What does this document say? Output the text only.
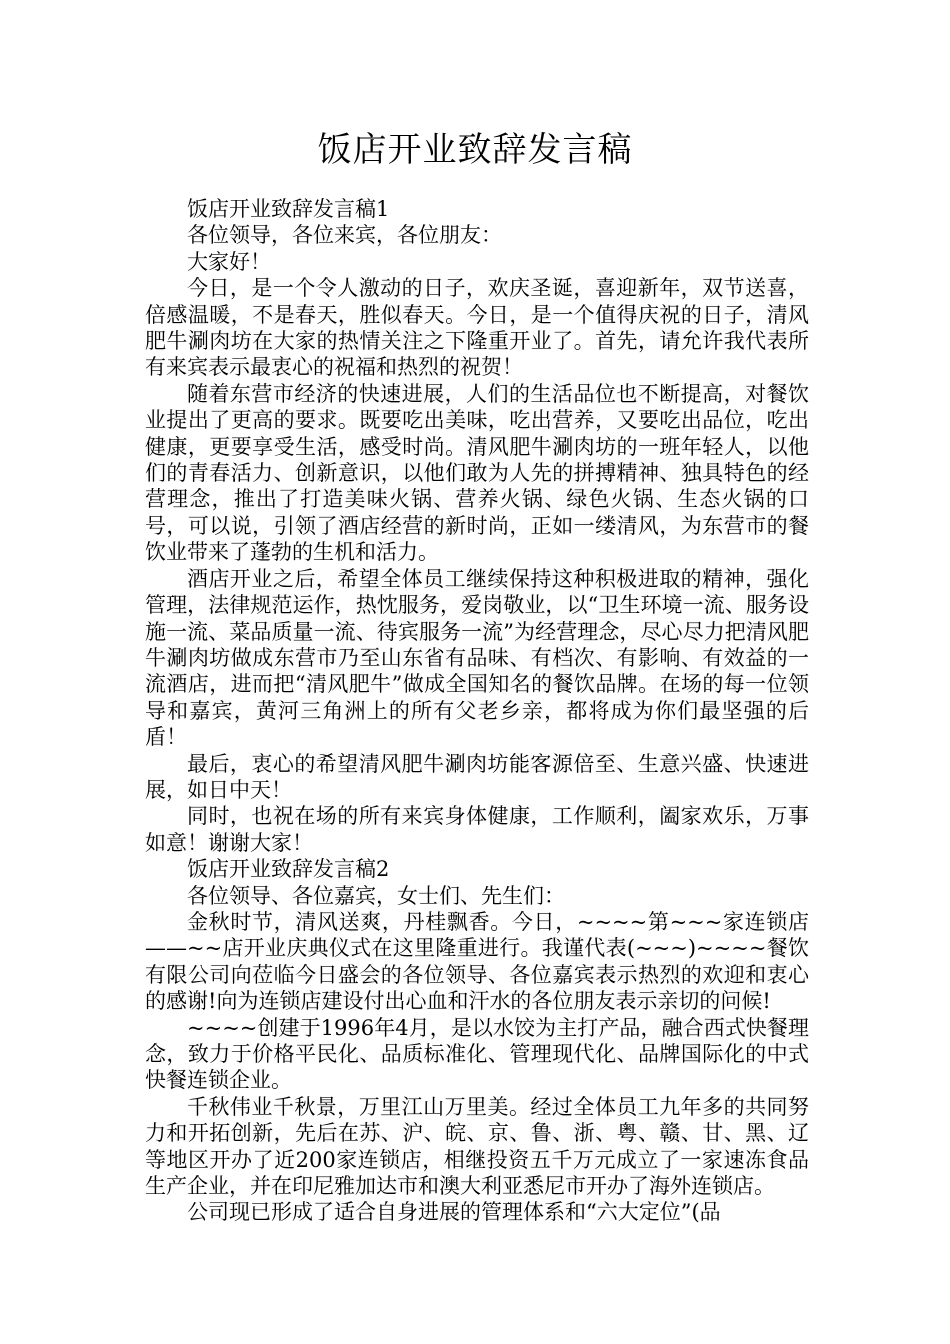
饭店开业致辞发言稿

饭店开业致辞发言稿1

各位领导，各位来宾，各位朋友：

大家好！

今日，是一个令人激动的日子，欢庆圣诞，喜迎新年，双节送喜，倍感温暖，不是春天，胜似春天。今日，是一个值得庆祝的日子，清风肥牛涮肉坊在大家的热情关注之下隆重开业了。首先，请允许我代表所有来宾表示最衷心的祝福和热烈的祝贺！

随着东营市经济的快速进展，人们的生活品位也不断提高，对餐饮业提出了更高的要求。既要吃出美味，吃出营养，又要吃出品位，吃出健康，更要享受生活，感受时尚。清风肥牛涮肉坊的一班年轻人，以他们的青春活力、创新意识，以他们敢为人先的拼搏精神、独具特色的经营理念，推出了打造美味火锅、营养火锅、绿色火锅、生态火锅的口号，可以说，引领了酒店经营的新时尚，正如一缕清风，为东营市的餐饮业带来了蓬勃的生机和活力。

酒店开业之后，希望全体员工继续保持这种积极进取的精神，强化管理，法律规范运作，热忱服务，爱岗敬业，以“卫生环境一流、服务设施一流、菜品质量一流、待宾服务一流”为经营理念，尽心尽力把清风肥牛涮肉坊做成东营市乃至山东省有品味、有档次、有影响、有效益的一流酒店，进而把“清风肥牛”做成全国知名的餐饮品牌。在场的每一位领导和嘉宾，黄河三角洲上的所有父老乡亲，都将成为你们最坚强的后盾！

最后，衷心的希望清风肥牛涮肉坊能客源倍至、生意兴盛、快速进展，如日中天！

同时，也祝在场的所有来宾身体健康，工作顺利，阖家欢乐，万事如意！谢谢大家！

饭店开业致辞发言稿2

各位领导、各位嘉宾，女士们、先生们：

金秋时节，清风送爽，丹桂飘香。今日，~~~~第~~~家连锁店——~~店开业庆典仪式在这里隆重进行。我谨代表(~~~)~~~~餐饮有限公司向莅临今日盛会的各位领导、各位嘉宾表示热烈的欢迎和衷心的感谢!向为连锁店建设付出心血和汗水的各位朋友表示亲切的问候!

~~~~创建于1996年4月，是以水饺为主打产品，融合西式快餐理念，致力于价格平民化、品质标准化、管理现代化、品牌国际化的中式快餐连锁企业。

千秋伟业千秋景，万里江山万里美。经过全体员工九年多的共同努力和开拓创新，先后在苏、沪、皖、京、鲁、浙、粤、赣、甘、黑、辽等地区开办了近200家连锁店，相继投资五千万元成立了一家速冻食品生产企业，并在印尼雅加达市和澳大利亚悉尼市开办了海外连锁店。

公司现已形成了适合自身进展的管理体系和“六大定位”(品
